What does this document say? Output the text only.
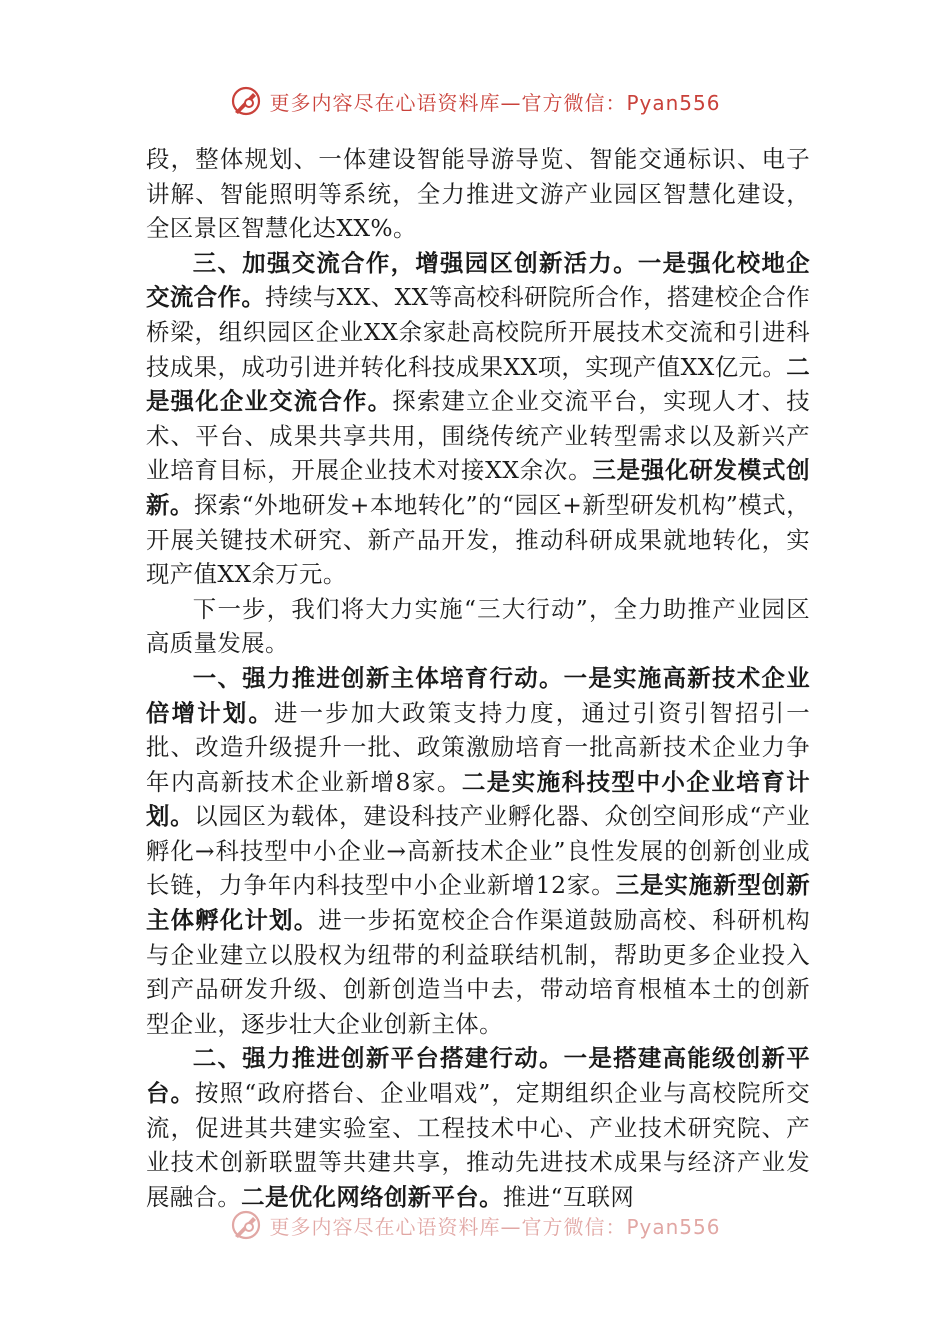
更多内容尽在心语资料库—官方微信：Pyan556

段，整体规划、一体建设智能导游导览、智能交通标识、电子讲解、智能照明等系统，全力推进文游产业园区智慧化建设，全区景区智慧化达XX%。

三、加强交流合作，增强园区创新活力。一是强化校地企交流合作。持续与XX、XX等高校科研院所合作，搭建校企合作桥梁，组织园区企业XX余家赴高校院所开展技术交流和引进科技成果，成功引进并转化科技成果XX项，实现产值XX亿元。二是强化企业交流合作。探索建立企业交流平台，实现人才、技术、平台、成果共享共用，围绕传统产业转型需求以及新兴产业培育目标，开展企业技术对接XX余次。三是强化研发模式创新。探索“外地研发+本地转化”的“园区+新型研发机构”模式，开展关键技术研究、新产品开发，推动科研成果就地转化，实现产值XX余万元。

下一步，我们将大力实施“三大行动”，全力助推产业园区高质量发展。

一、强力推进创新主体培育行动。一是实施高新技术企业倍增计划。进一步加大政策支持力度，通过引资引智招引一批、改造升级提升一批、政策激励培育一批高新技术企业力争年内高新技术企业新增8家。二是实施科技型中小企业培育计划。以园区为载体，建设科技产业孵化器、众创空间形成“产业孵化→科技型中小企业→高新技术企业”良性发展的创新创业成长链，力争年内科技型中小企业新增12家。三是实施新型创新主体孵化计划。进一步拓宽校企合作渠道鼓励高校、科研机构与企业建立以股权为纽带的利益联结机制，帮助更多企业投入到产品研发升级、创新创造当中去，带动培育根植本土的创新型企业，逐步壮大企业创新主体。

二、强力推进创新平台搭建行动。一是搭建高能级创新平台。按照“政府搭台、企业唱戏”，定期组织企业与高校院所交流，促进其共建实验室、工程技术中心、产业技术研究院、产业技术创新联盟等共建共享，推动先进技术成果与经济产业发展融合。二是优化网络创新平台。推进“互联网

更多内容尽在心语资料库—官方微信：Pyan556
